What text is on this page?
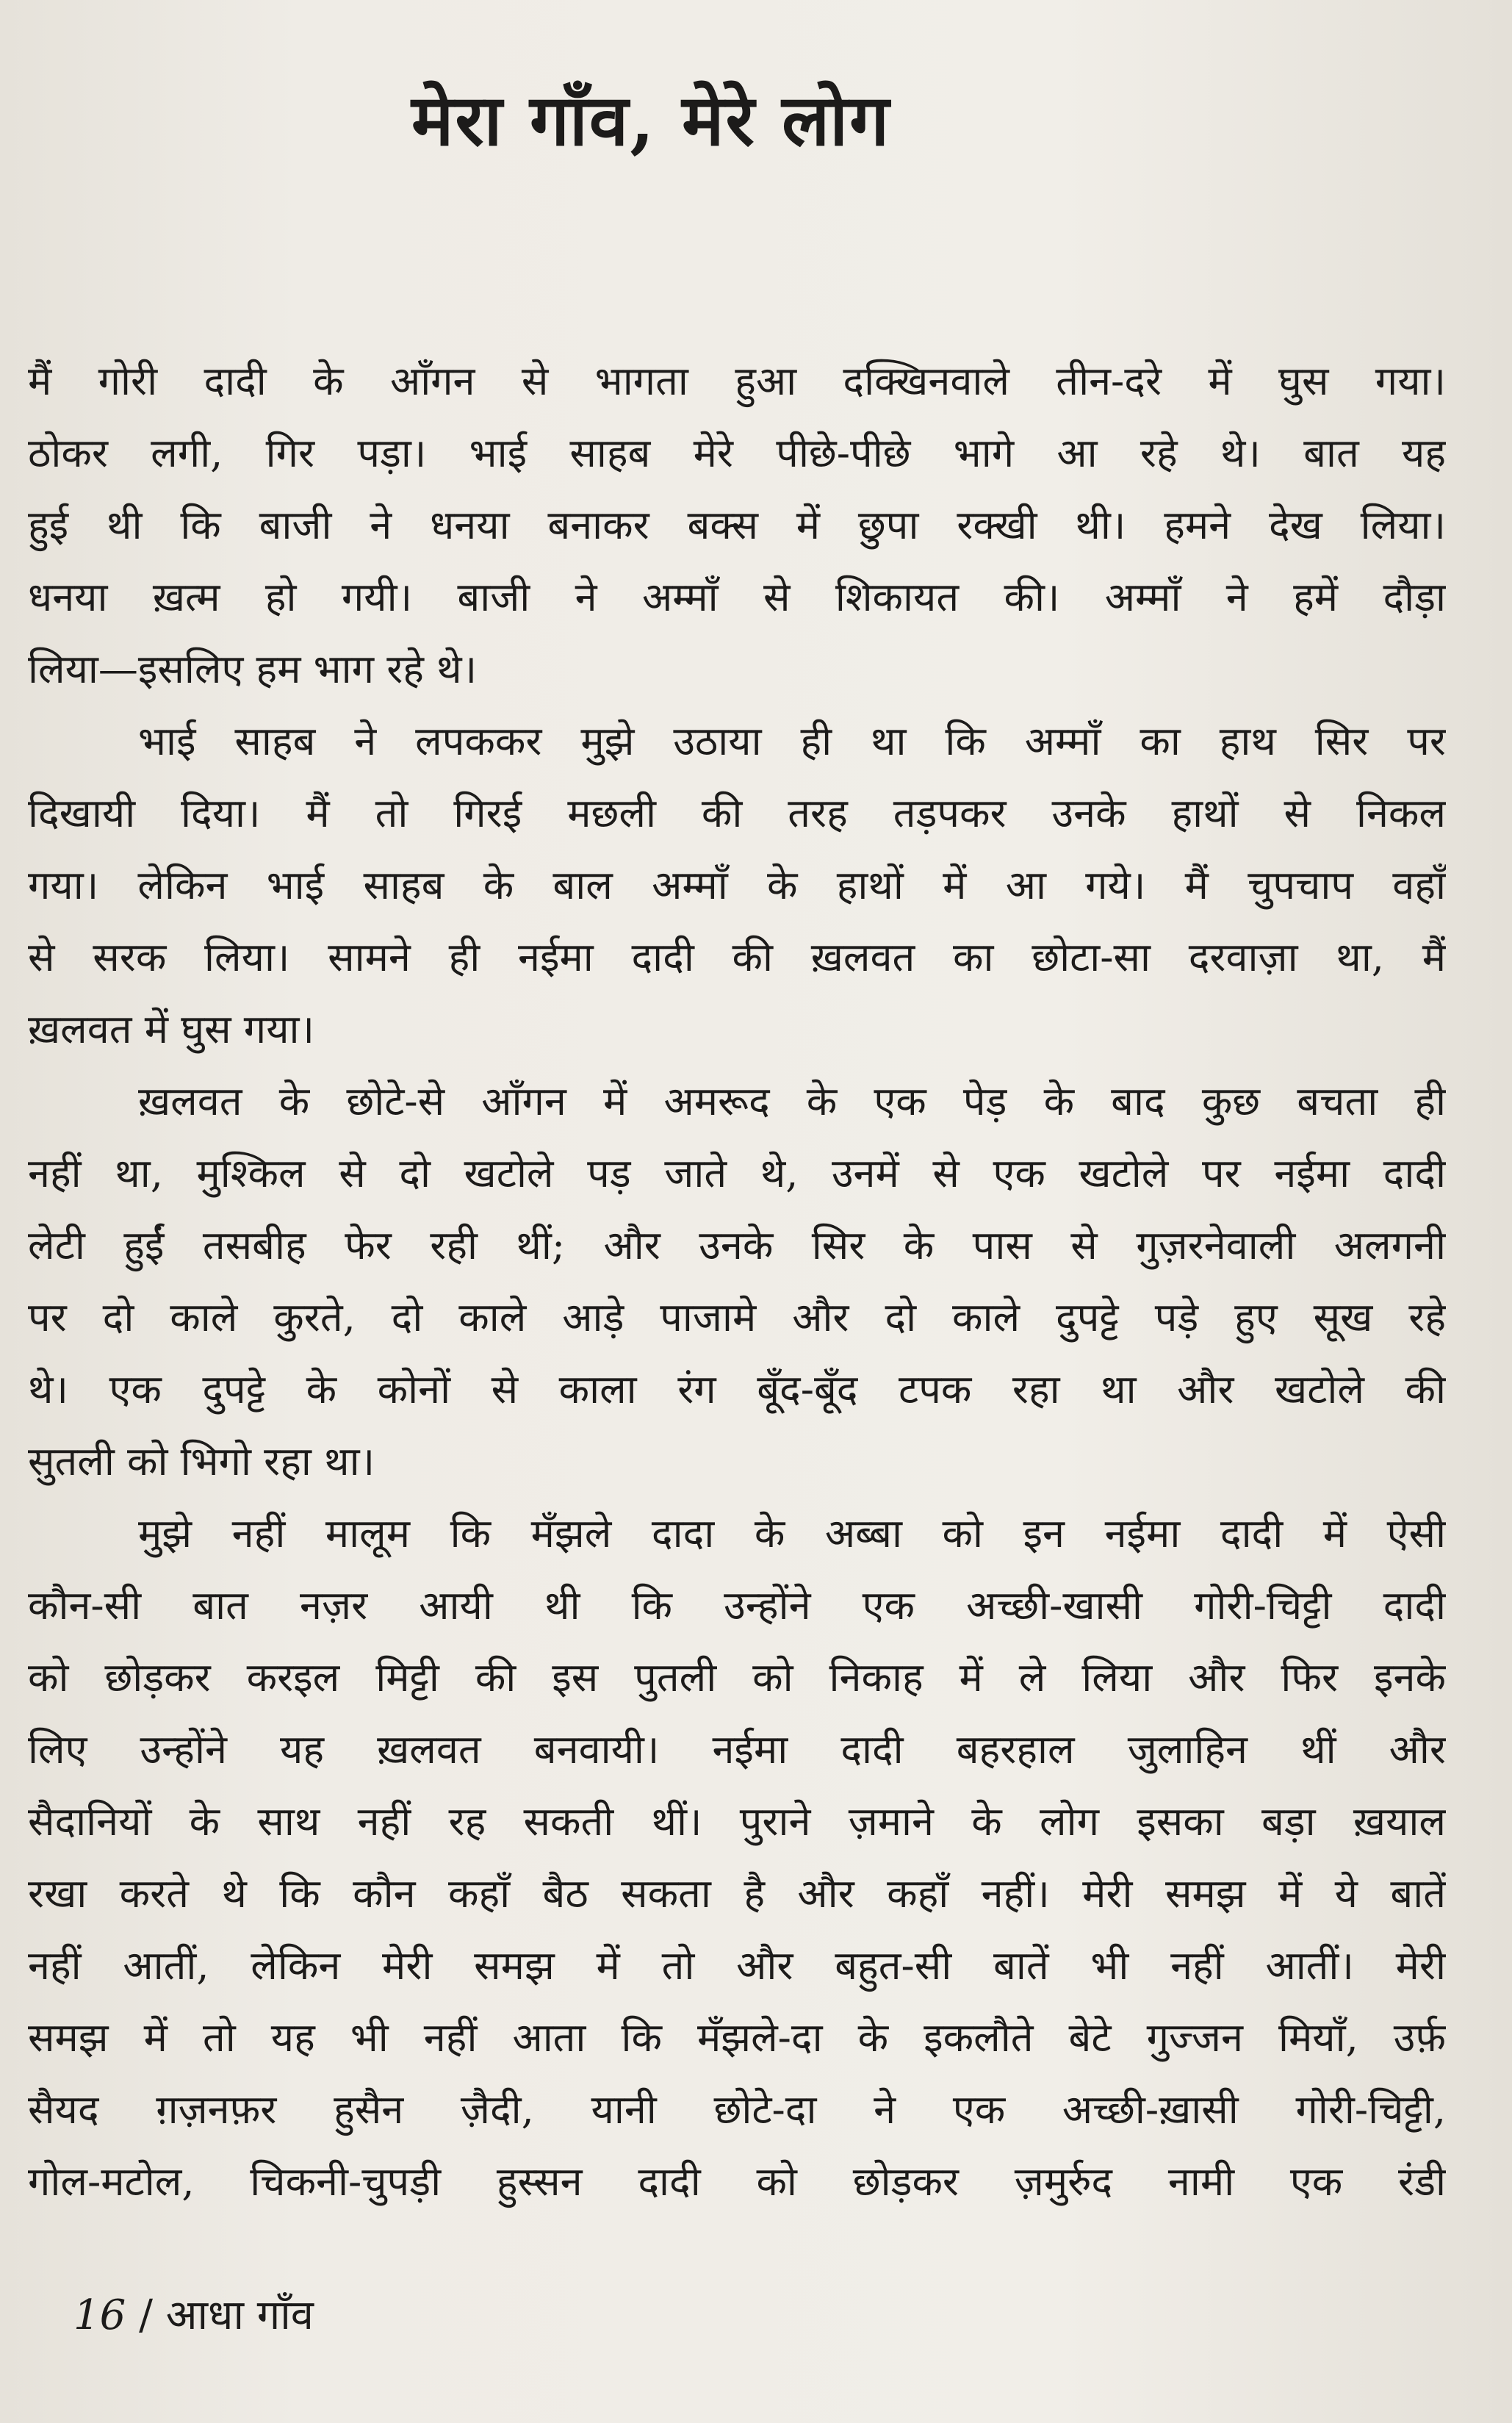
मेरा गाँव, मेरे लोग
मैं गोरी दादी के आँगन से भागता हुआ दक्खिनवाले तीन-दरे में घुस गया।
ठोकर लगी, गिर पड़ा। भाई साहब मेरे पीछे-पीछे भागे आ रहे थे। बात यह
हुई थी कि बाजी ने धनया बनाकर बक्स में छुपा रक्खी थी। हमने देख लिया।
धनया ख़त्म हो गयी। बाजी ने अम्माँ से शिकायत की। अम्माँ ने हमें दौड़ा
लिया—इसलिए हम भाग रहे थे।
भाई साहब ने लपककर मुझे उठाया ही था कि अम्माँ का हाथ सिर पर
दिखायी दिया। मैं तो गिरई मछली की तरह तड़पकर उनके हाथों से निकल
गया। लेकिन भाई साहब के बाल अम्माँ के हाथों में आ गये। मैं चुपचाप वहाँ
से सरक लिया। सामने ही नईमा दादी की ख़लवत का छोटा-सा दरवाज़ा था, मैं
ख़लवत में घुस गया।
ख़लवत के छोटे-से आँगन में अमरूद के एक पेड़ के बाद कुछ बचता ही
नहीं था, मुश्किल से दो खटोले पड़ जाते थे, उनमें से एक खटोले पर नईमा दादी
लेटी हुईं तसबीह फेर रही थीं; और उनके सिर के पास से गुज़रनेवाली अलगनी
पर दो काले कुरते, दो काले आड़े पाजामे और दो काले दुपट्टे पड़े हुए सूख रहे
थे। एक दुपट्टे के कोनों से काला रंग बूँद-बूँद टपक रहा था और खटोले की
सुतली को भिगो रहा था।
मुझे नहीं मालूम कि मँझले दादा के अब्बा को इन नईमा दादी में ऐसी
कौन-सी बात नज़र आयी थी कि उन्होंने एक अच्छी-खासी गोरी-चिट्टी दादी
को छोड़कर करइल मिट्टी की इस पुतली को निकाह में ले लिया और फिर इनके
लिए उन्होंने यह ख़लवत बनवायी। नईमा दादी बहरहाल जुलाहिन थीं और
सैदानियों के साथ नहीं रह सकती थीं। पुराने ज़माने के लोग इसका बड़ा ख़याल
रखा करते थे कि कौन कहाँ बैठ सकता है और कहाँ नहीं। मेरी समझ में ये बातें
नहीं आतीं, लेकिन मेरी समझ में तो और बहुत-सी बातें भी नहीं आतीं। मेरी
समझ में तो यह भी नहीं आता कि मँझले-दा के इकलौते बेटे गुज्जन मियाँ, उर्फ़
सैयद ग़ज़नफ़र हुसैन ज़ैदी, यानी छोटे-दा ने एक अच्छी-ख़ासी गोरी-चिट्टी,
गोल-मटोल, चिकनी-चुपड़ी हुस्सन दादी को छोड़कर ज़मुर्रुद नामी एक रंडी
16 / आधा गाँव
